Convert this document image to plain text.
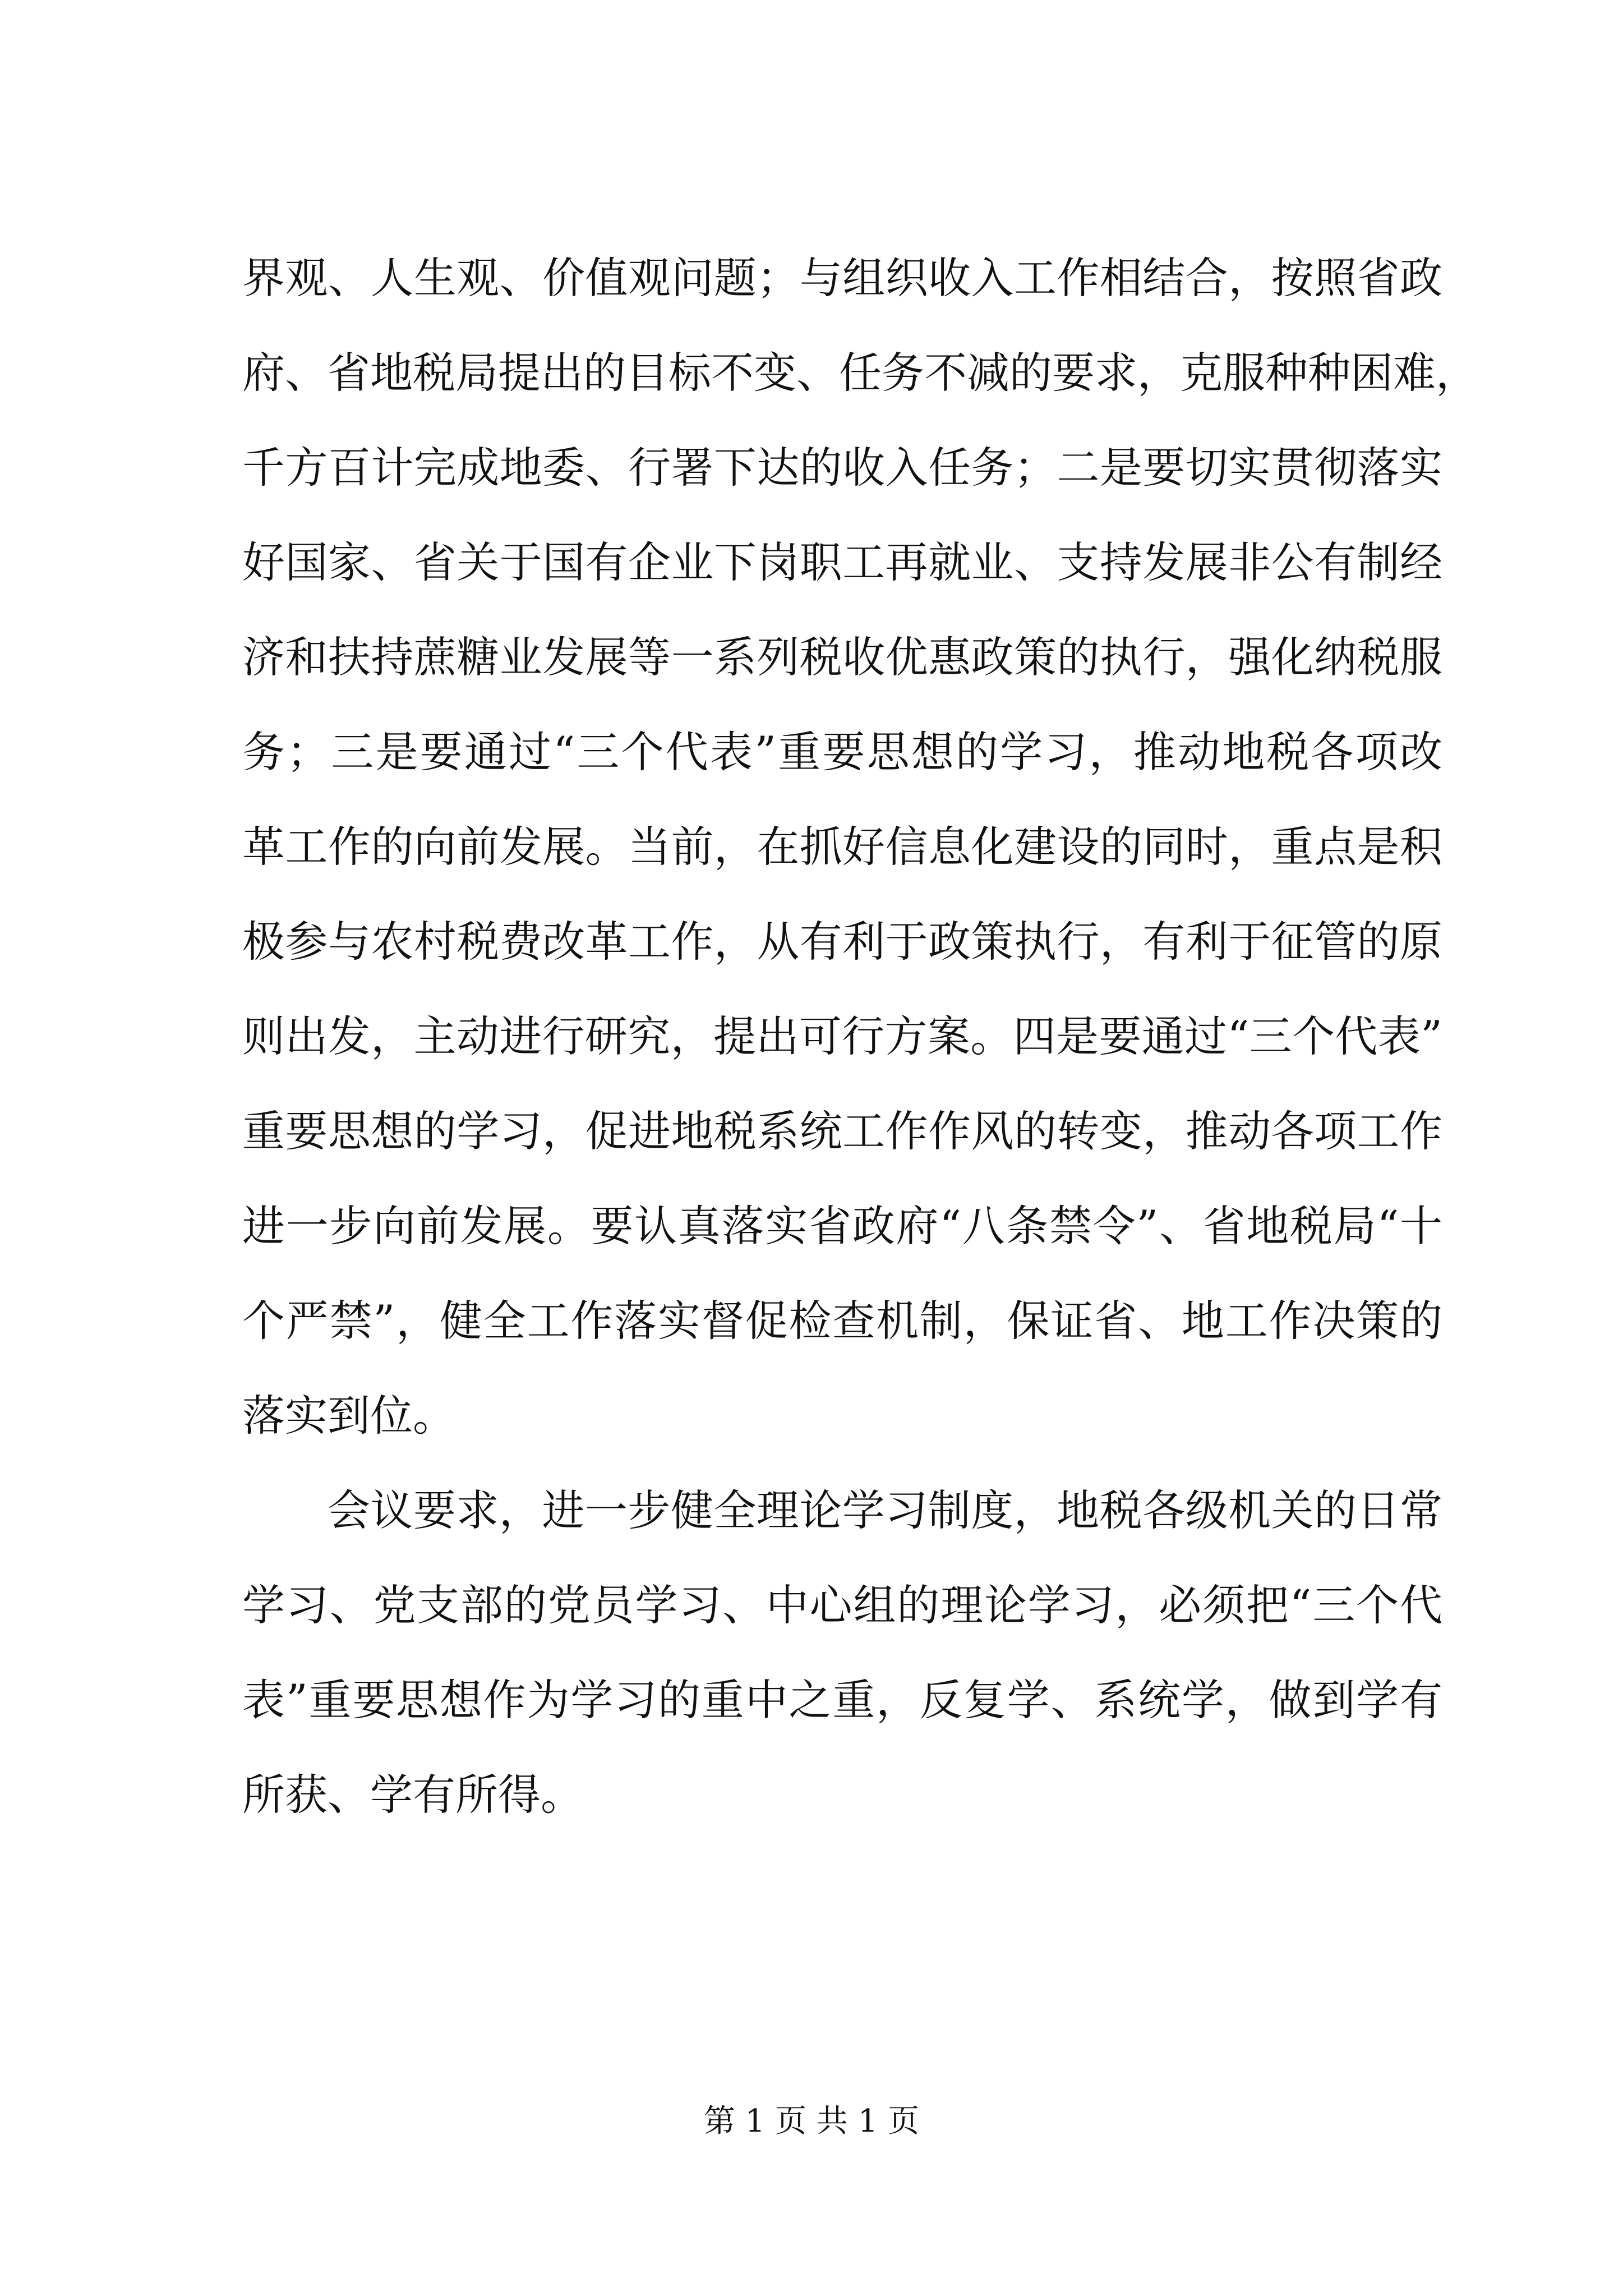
界观、人生观、价值观问题；与组织收入工作相结合，按照省政
府、省地税局提出的目标不变、任务不减的要求，克服种种困难，
千方百计完成地委、行署下达的收入任务；二是要切实贯彻落实
好国家、省关于国有企业下岗职工再就业、支持发展非公有制经
济和扶持蔗糖业发展等一系列税收优惠政策的执行，强化纳税服
务；三是要通过“三个代表”重要思想的学习，推动地税各项改
革工作的向前发展。当前，在抓好信息化建设的同时，重点是积
极参与农村税费改革工作，从有利于政策执行，有利于征管的原
则出发，主动进行研究，提出可行方案。四是要通过“三个代表”
重要思想的学习，促进地税系统工作作风的转变，推动各项工作
进一步向前发展。要认真落实省政府“八条禁令”、省地税局“十
个严禁”，健全工作落实督促检查机制，保证省、地工作决策的
落实到位。
会议要求，进一步健全理论学习制度，地税各级机关的日常
学习、党支部的党员学习、中心组的理论学习，必须把“三个代
表”重要思想作为学习的重中之重，反复学、系统学，做到学有
所获、学有所得。
第 1 页 共 1 页
